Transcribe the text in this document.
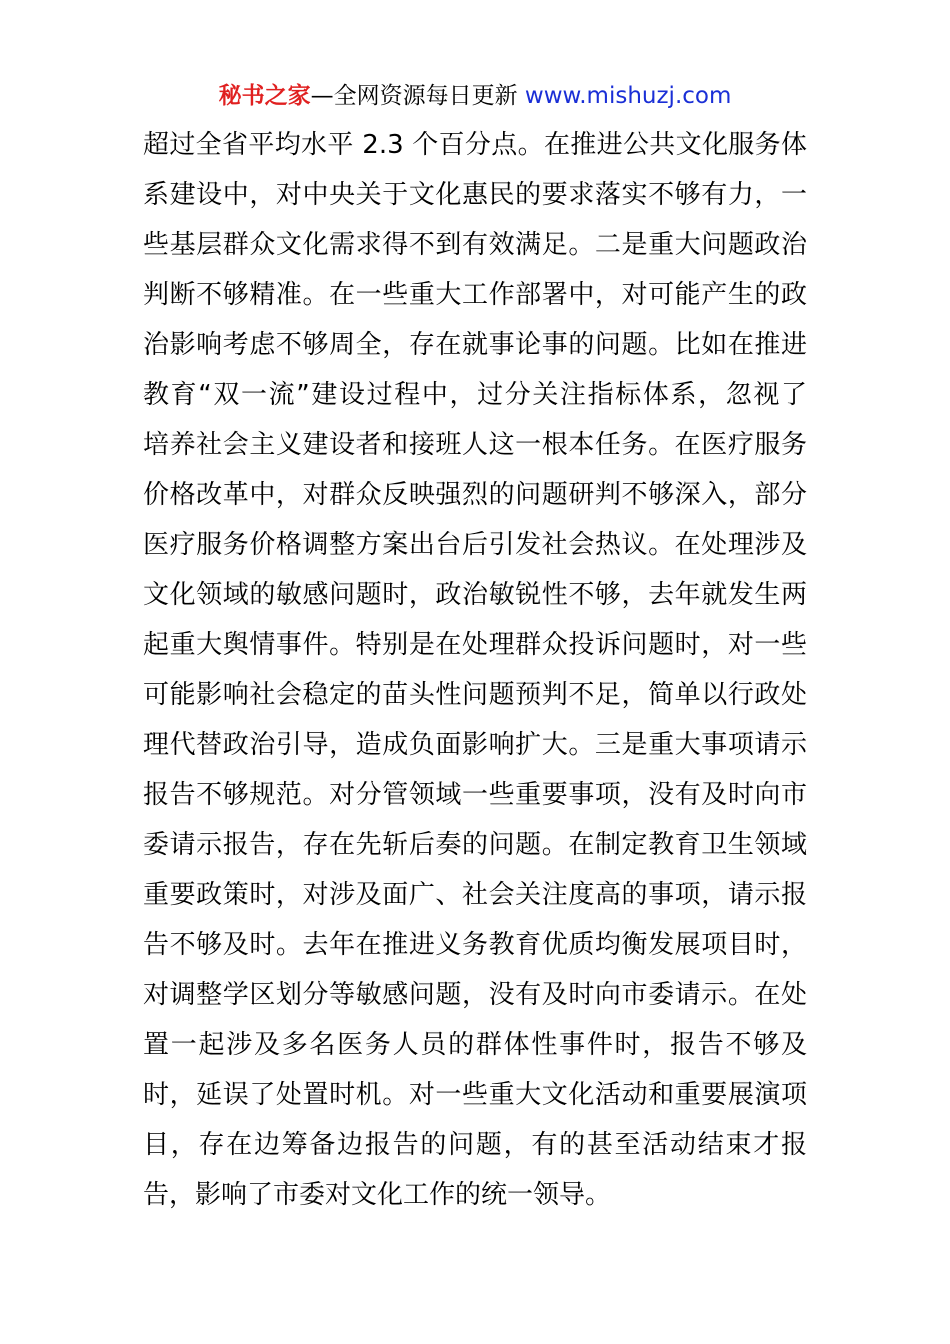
秘书之家—全网资源每日更新 www.mishuzj.com
超过全省平均水平 2.3 个百分点。在推进公共文化服务体
系建设中，对中央关于文化惠民的要求落实不够有力，一
些基层群众文化需求得不到有效满足。二是重大问题政治
判断不够精准。在一些重大工作部署中，对可能产生的政
治影响考虑不够周全，存在就事论事的问题。比如在推进
教育“双一流”建设过程中，过分关注指标体系，忽视了
培养社会主义建设者和接班人这一根本任务。在医疗服务
价格改革中，对群众反映强烈的问题研判不够深入，部分
医疗服务价格调整方案出台后引发社会热议。在处理涉及
文化领域的敏感问题时，政治敏锐性不够，去年就发生两
起重大舆情事件。特别是在处理群众投诉问题时，对一些
可能影响社会稳定的苗头性问题预判不足，简单以行政处
理代替政治引导，造成负面影响扩大。三是重大事项请示
报告不够规范。对分管领域一些重要事项，没有及时向市
委请示报告，存在先斩后奏的问题。在制定教育卫生领域
重要政策时，对涉及面广、社会关注度高的事项，请示报
告不够及时。去年在推进义务教育优质均衡发展项目时，
对调整学区划分等敏感问题，没有及时向市委请示。在处
置一起涉及多名医务人员的群体性事件时，报告不够及
时，延误了处置时机。对一些重大文化活动和重要展演项
目，存在边筹备边报告的问题，有的甚至活动结束才报
告，影响了市委对文化工作的统一领导。
